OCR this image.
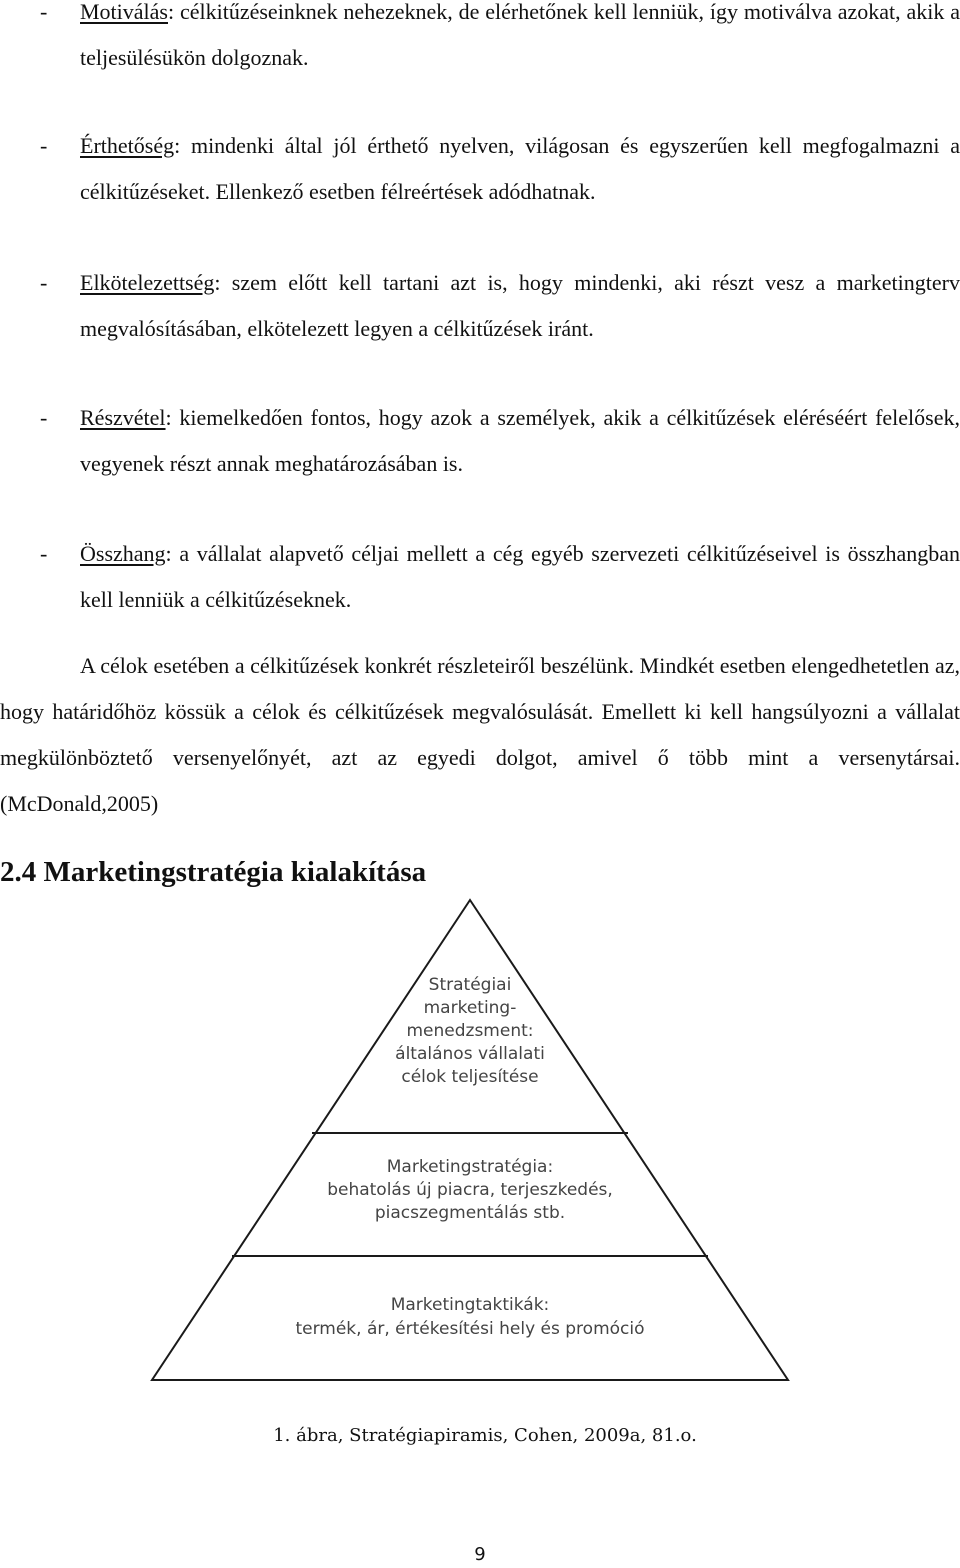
- Motiválás: célkitűzéseinknek nehezeknek, de elérhetőnek kell lenniük, így motiválva azokat, akik a teljesülésükön dolgoznak.
- Érthetőség: mindenki által jól érthető nyelven, világosan és egyszerűen kell megfogalmazni a célkitűzéseket. Ellenkező esetben félreértések adódhatnak.
- Elkötelezettség: szem előtt kell tartani azt is, hogy mindenki, aki részt vesz a marketingterv megvalósításában, elkötelezett legyen a célkitűzések iránt.
- Részvétel: kiemelkedően fontos, hogy azok a személyek, akik a célkitűzések eléréséért felelősek, vegyenek részt annak meghatározásában is.
- Összhang: a vállalat alapvető céljai mellett a cég egyéb szervezeti célkitűzéseivel is összhangban kell lenniük a célkitűzéseknek.
A célok esetében a célkitűzések konkrét részleteiről beszélünk. Mindkét esetben elengedhetetlen az, hogy határidőhöz kössük a célok és célkitűzések megvalósulását. Emellett ki kell hangsúlyozni a vállalat megkülönböztető versenyelőnyét, azt az egyedi dolgot, amivel ő több mint a versenytársai. (McDonald,2005)
2.4 Marketingstratégia kialakítása
Stratégiai
marketing-
menedzsment:
általános vállalati
célok teljesítése
Marketingstratégia:
behatolás új piacra, terjeszkedés,
piacszegmentálás stb.
Marketingtaktikák:
termék, ár, értékesítési hely és promóció
1. ábra, Stratégiapiramis, Cohen, 2009a, 81.o.
9
